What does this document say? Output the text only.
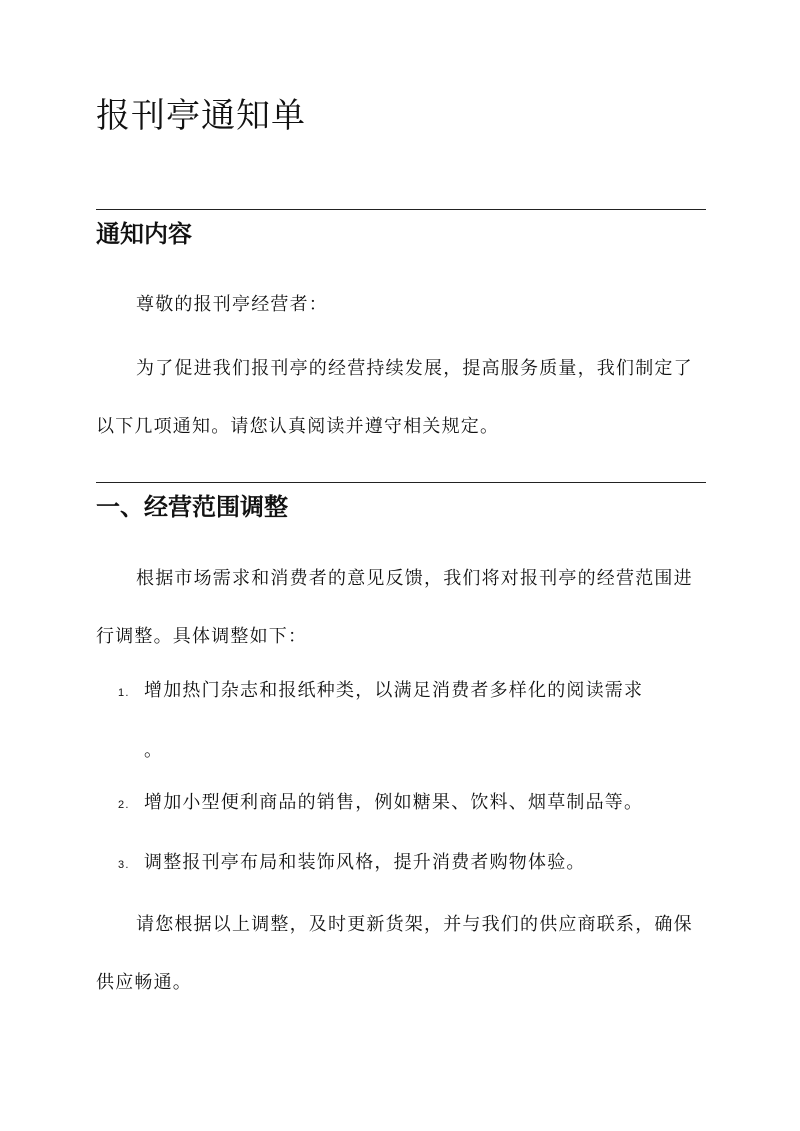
报刊亭通知单
通知内容

尊敬的报刊亭经营者：

为了促进我们报刊亭的经营持续发展，提高服务质量，我们制定了以下几项通知。请您认真阅读并遵守相关规定。

一、经营范围调整

根据市场需求和消费者的意见反馈，我们将对报刊亭的经营范围进行调整。具体调整如下：

1. 增加热门杂志和报纸种类，以满足消费者多样化的阅读需求
。
2. 增加小型便利商品的销售，例如糖果、饮料、烟草制品等。
3. 调整报刊亭布局和装饰风格，提升消费者购物体验。

请您根据以上调整，及时更新货架，并与我们的供应商联系，确保供应畅通。
